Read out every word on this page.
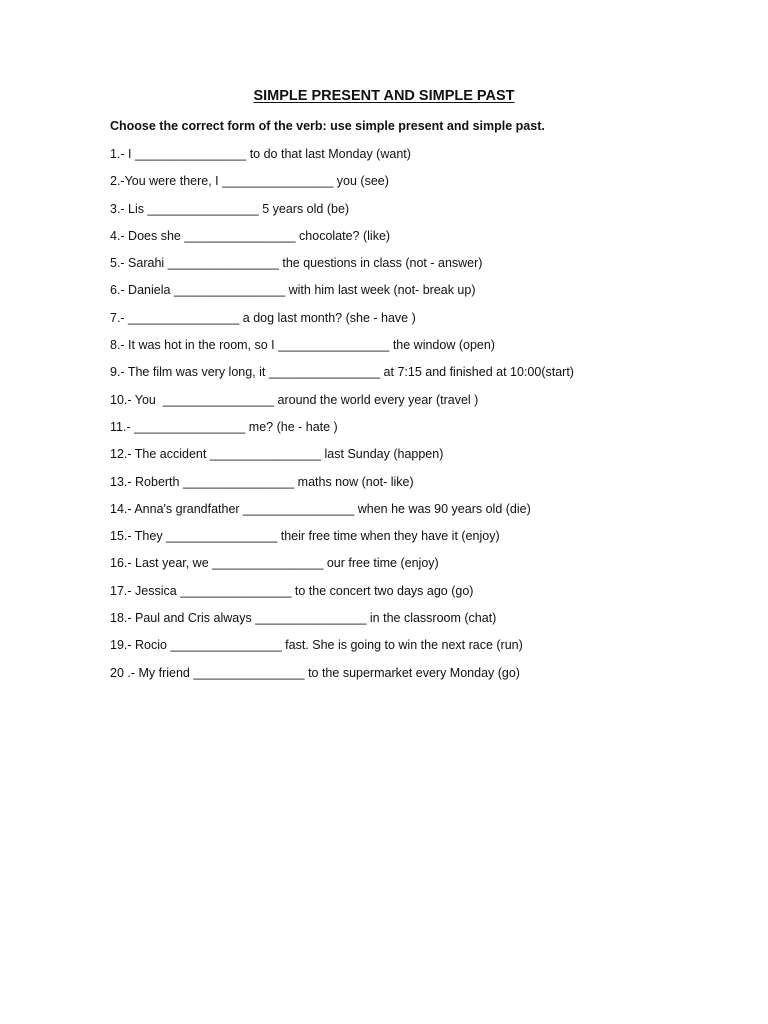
SIMPLE PRESENT AND SIMPLE PAST
Choose the correct form of the verb: use simple present and simple past.
1.- I ________________ to do that last Monday (want)
2.-You were there, I ________________ you (see)
3.- Lis ________________ 5 years old (be)
4.- Does she ________________ chocolate? (like)
5.- Sarahi ________________ the questions in class (not - answer)
6.- Daniela ________________ with him last week (not- break up)
7.- ________________ a dog last month? (she - have )
8.- It was hot in the room, so I ________________ the window (open)
9.- The film was very long, it ________________ at 7:15 and finished at 10:00(start)
10.- You  ________________ around the world every year (travel )
11.- ________________ me? (he - hate )
12.- The accident ________________ last Sunday (happen)
13.- Roberth ________________ maths now (not- like)
14.- Anna's grandfather ________________ when he was 90 years old (die)
15.- They ________________ their free time when they have it (enjoy)
16.- Last year, we ________________ our free time (enjoy)
17.- Jessica ________________ to the concert two days ago (go)
18.- Paul and Cris always ________________ in the classroom (chat)
19.- Rocio ________________ fast. She is going to win the next race (run)
20 .- My friend ________________ to the supermarket every Monday (go)
